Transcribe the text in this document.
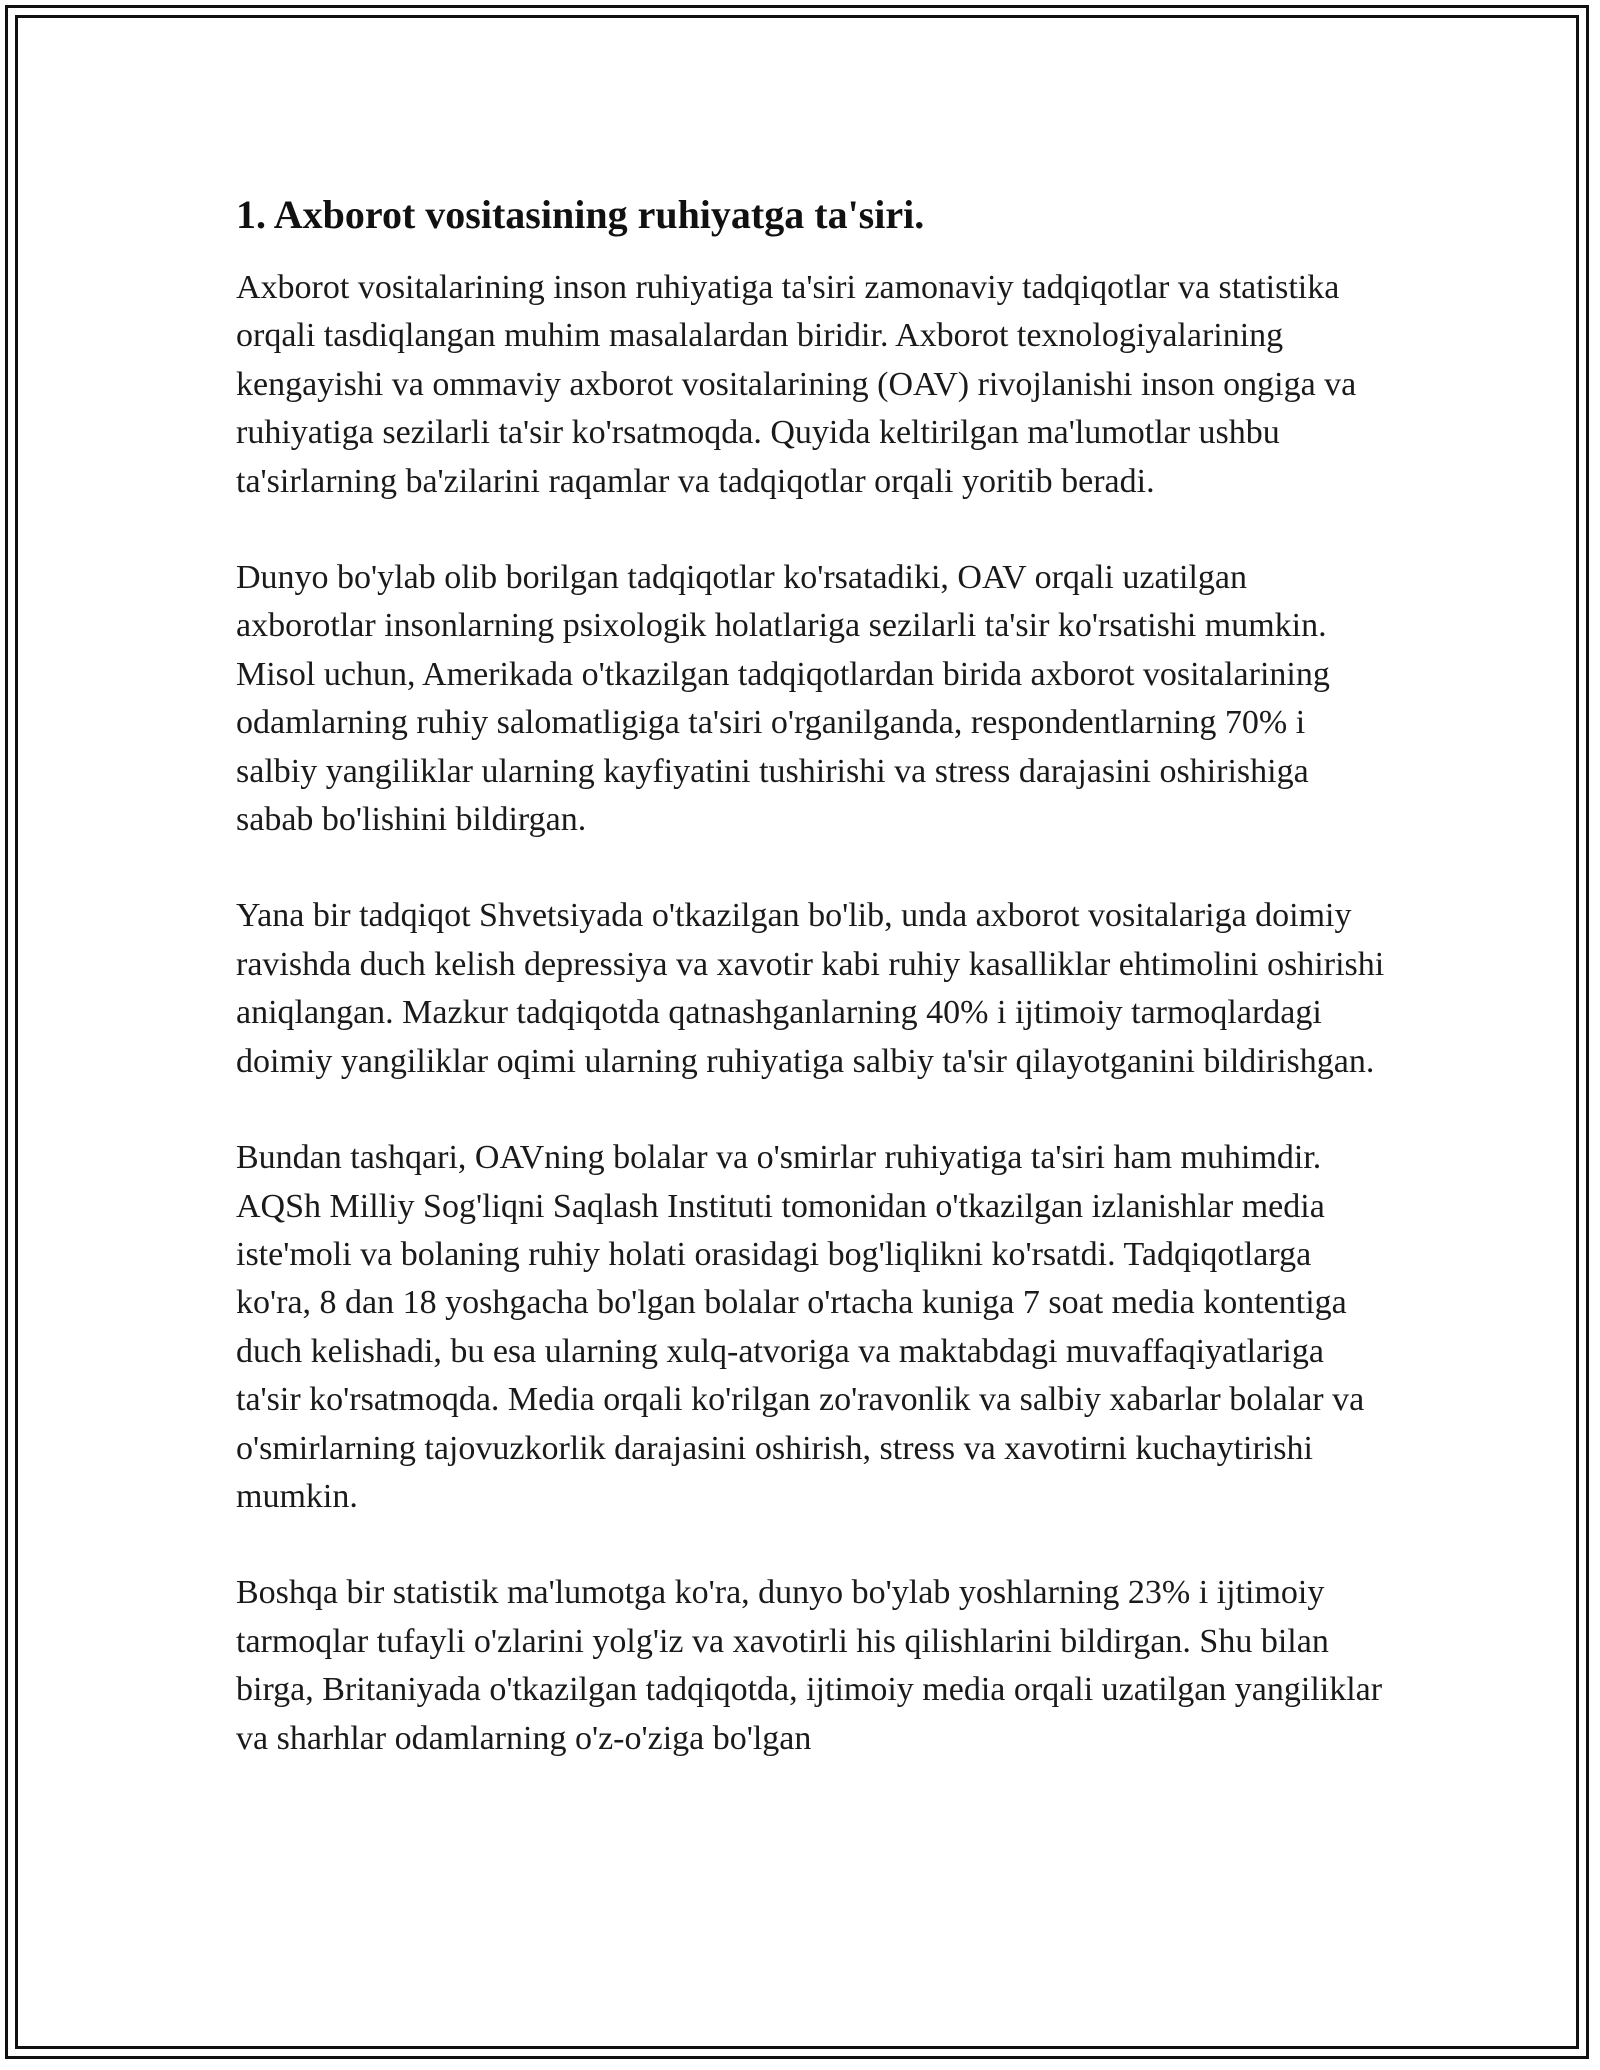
1. Axborot vositasining ruhiyatga ta'siri.

Axborot vositalarining inson ruhiyatiga ta'siri zamonaviy tadqiqotlar va statistika orqali tasdiqlangan muhim masalalardan biridir. Axborot texnologiyalarining kengayishi va ommaviy axborot vositalarining (OAV) rivojlanishi inson ongiga va ruhiyatiga sezilarli ta'sir ko'rsatmoqda. Quyida keltirilgan ma'lumotlar ushbu ta'sirlarning ba'zilarini raqamlar va tadqiqotlar orqali yoritib beradi.

Dunyo bo'ylab olib borilgan tadqiqotlar ko'rsatadiki, OAV orqali uzatilgan axborotlar insonlarning psixologik holatlariga sezilarli ta'sir ko'rsatishi mumkin. Misol uchun, Amerikada o'tkazilgan tadqiqotlardan birida axborot vositalarining odamlarning ruhiy salomatligiga ta'siri o'rganilganda, respondentlarning 70% i salbiy yangiliklar ularning kayfiyatini tushirishi va stress darajasini oshirishiga sabab bo'lishini bildirgan.

Yana bir tadqiqot Shvetsiyada o'tkazilgan bo'lib, unda axborot vositalariga doimiy ravishda duch kelish depressiya va xavotir kabi ruhiy kasalliklar ehtimolini oshirishi aniqlangan. Mazkur tadqiqotda qatnashganlarning 40% i ijtimoiy tarmoqlardagi doimiy yangiliklar oqimi ularning ruhiyatiga salbiy ta'sir qilayotganini bildirishgan.

Bundan tashqari, OAVning bolalar va o'smirlar ruhiyatiga ta'siri ham muhimdir. AQSh Milliy Sog'liqni Saqlash Instituti tomonidan o'tkazilgan izlanishlar media iste'moli va bolaning ruhiy holati orasidagi bog'liqlikni ko'rsatdi. Tadqiqotlarga ko'ra, 8 dan 18 yoshgacha bo'lgan bolalar o'rtacha kuniga 7 soat media kontentiga duch kelishadi, bu esa ularning xulq-atvoriga va maktabdagi muvaffaqiyatlariga ta'sir ko'rsatmoqda. Media orqali ko'rilgan zo'ravonlik va salbiy xabarlar bolalar va o'smirlarning tajovuzkorlik darajasini oshirish, stress va xavotirni kuchaytirishi mumkin.

Boshqa bir statistik ma'lumotga ko'ra, dunyo bo'ylab yoshlarning 23% i ijtimoiy tarmoqlar tufayli o'zlarini yolg'iz va xavotirli his qilishlarini bildirgan. Shu bilan birga, Britaniyada o'tkazilgan tadqiqotda, ijtimoiy media orqali uzatilgan yangiliklar va sharhlar odamlarning o'z-o'ziga bo'lgan
